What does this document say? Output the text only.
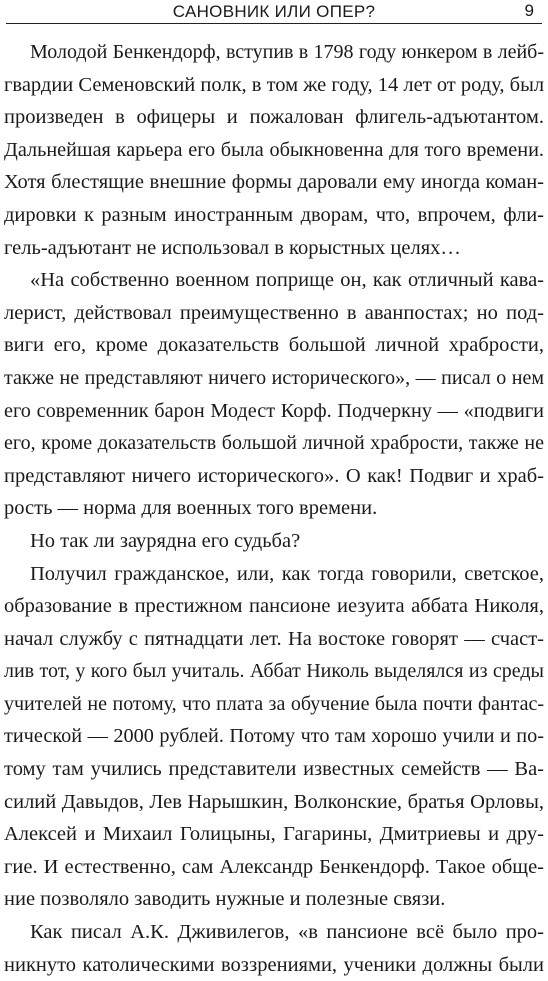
САНОВНИК ИЛИ ОПЕР?	9
Молодой Бенкендорф, вступив в 1798 году юнкером в лейб-
гвардии Семеновский полк, в том же году, 14 лет от роду, был
произведен в офицеры и пожалован флигель-адъютантом.
Дальнейшая карьера его была обыкновенна для того времени.
Хотя блестящие внешние формы даровали ему иногда коман-
дировки к разным иностранным дворам, что, впрочем, фли-
гель-адъютант не использовал в корыстных целях…
«На собственно военном поприще он, как отличный кава-
лерист, действовал преимущественно в аванпостах; но под-
виги его, кроме доказательств большой личной храбрости,
также не представляют ничего исторического», — писал о нем
его современник барон Модест Корф. Подчеркну — «подвиги
его, кроме доказательств большой личной храбрости, также не
представляют ничего исторического». О как! Подвиг и храб-
рость — норма для военных того времени.
Но так ли заурядна его судьба?
Получил гражданское, или, как тогда говорили, светское,
образование в престижном пансионе иезуита аббата Николя,
начал службу с пятнадцати лет. На востоке говорят — счаст-
лив тот, у кого был учиталь. Аббат Николь выделялся из среды
учителей не потому, что плата за обучение была почти фантас-
тической — 2000 рублей. Потому что там хорошо учили и по-
тому там учились представители известных семейств — Ва-
силий Давыдов, Лев Нарышкин, Волконские, братья Орловы,
Алексей и Михаил Голицыны, Гагарины, Дмитриевы и дру-
гие. И естественно, сам Александр Бенкендорф. Такое обще-
ние позволяло заводить нужные и полезные связи.
Как писал А.К. Дживилегов, «в пансионе всё было про-
никнуто католическими воззрениями, ученики должны были
